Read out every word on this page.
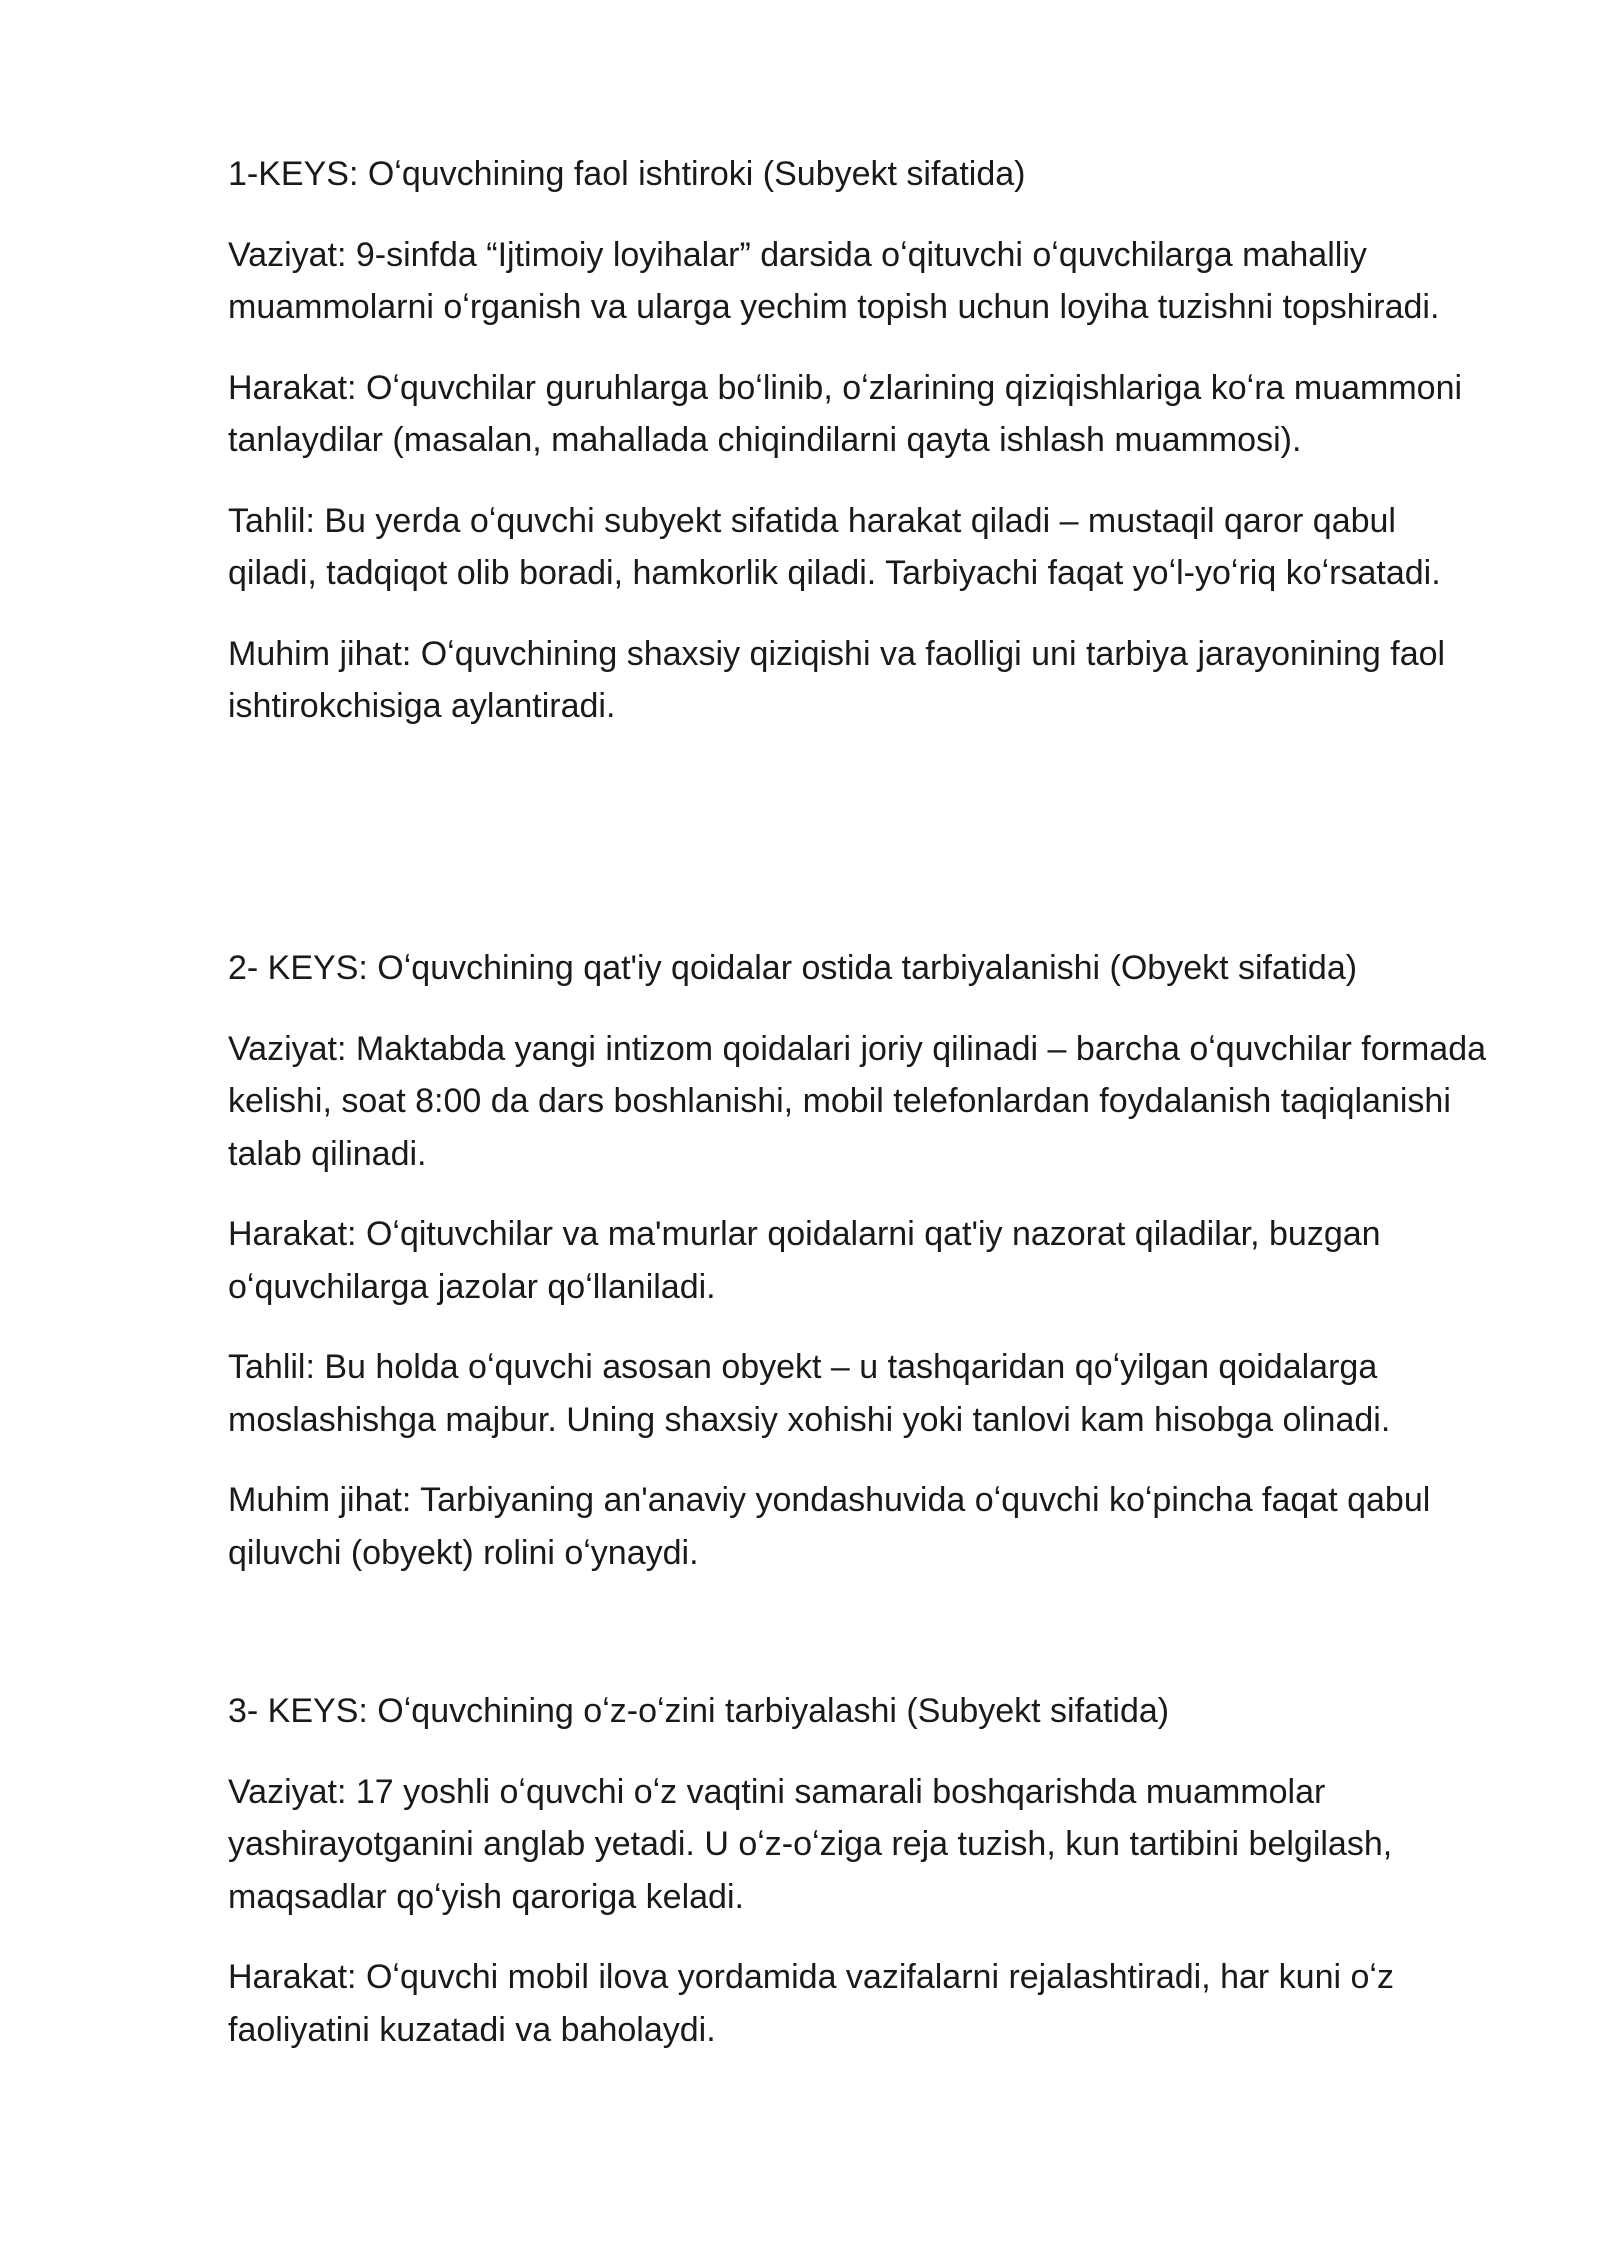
1-KEYS: Oʻquvchining faol ishtiroki (Subyekt sifatida)

Vaziyat: 9-sinfda “Ijtimoiy loyihalar” darsida oʻqituvchi oʻquvchilarga mahalliy muammolarni oʻrganish va ularga yechim topish uchun loyiha tuzishni topshiradi.

Harakat: Oʻquvchilar guruhlarga boʻlinib, oʻzlarining qiziqishlariga koʻra muammoni tanlaydilar (masalan, mahallada chiqindilarni qayta ishlash muammosi).

Tahlil: Bu yerda oʻquvchi subyekt sifatida harakat qiladi – mustaqil qaror qabul qiladi, tadqiqot olib boradi, hamkorlik qiladi. Tarbiyachi faqat yoʻl-yoʻriq koʻrsatadi.

Muhim jihat: Oʻquvchining shaxsiy qiziqishi va faolligi uni tarbiya jarayonining faol ishtirokchisiga aylantiradi.

2- KEYS: Oʻquvchining qat'iy qoidalar ostida tarbiyalanishi (Obyekt sifatida)

Vaziyat: Maktabda yangi intizom qoidalari joriy qilinadi – barcha oʻquvchilar formada kelishi, soat 8:00 da dars boshlanishi, mobil telefonlardan foydalanish taqiqlanishi talab qilinadi.

Harakat: Oʻqituvchilar va ma'murlar qoidalarni qat'iy nazorat qiladilar, buzgan oʻquvchilarga jazolar qoʻllaniladi.

Tahlil: Bu holda oʻquvchi asosan obyekt – u tashqaridan qoʻyilgan qoidalarga moslashishga majbur. Uning shaxsiy xohishi yoki tanlovi kam hisobga olinadi.

Muhim jihat: Tarbiyaning an'anaviy yondashuvida oʻquvchi koʻpincha faqat qabul qiluvchi (obyekt) rolini oʻynaydi.

3- KEYS: Oʻquvchining oʻz-oʻzini tarbiyalashi (Subyekt sifatida)

Vaziyat: 17 yoshli oʻquvchi oʻz vaqtini samarali boshqarishda muammolar yashirayotganini anglab yetadi. U oʻz-oʻziga reja tuzish, kun tartibini belgilash, maqsadlar qoʻyish qaroriga keladi.

Harakat: Oʻquvchi mobil ilova yordamida vazifalarni rejalashtiradi, har kuni oʻz faoliyatini kuzatadi va baholaydi.
